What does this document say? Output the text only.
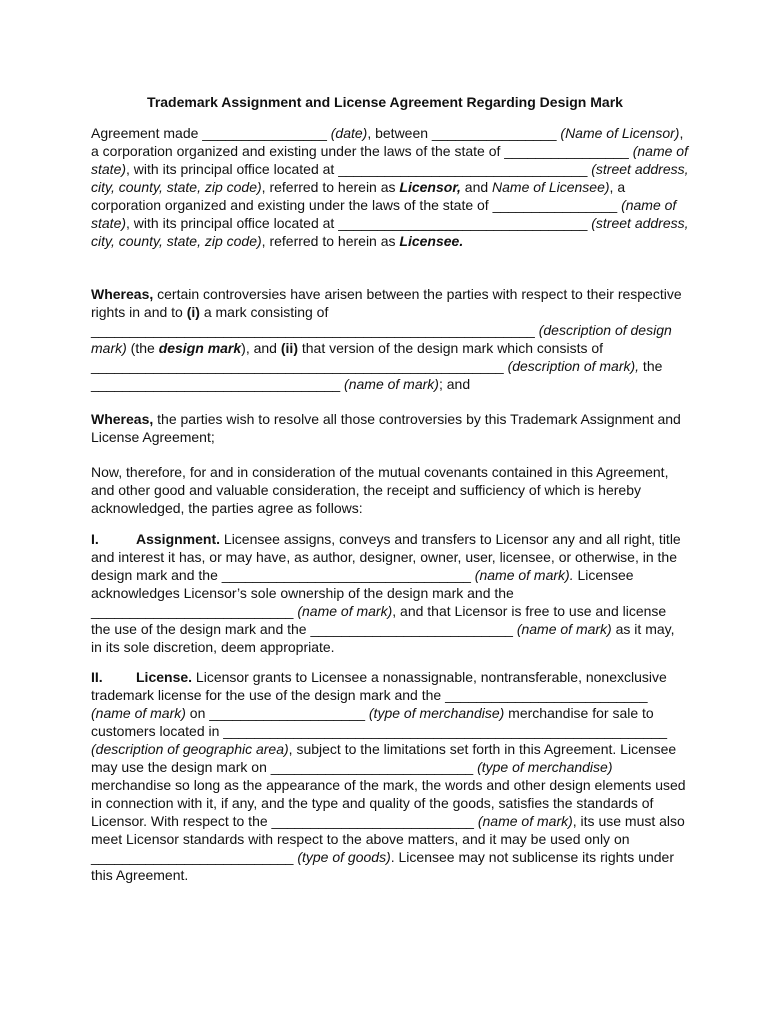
Trademark Assignment and License Agreement Regarding Design Mark

Agreement made ________________ (date), between ________________ (Name of Licensor), a corporation organized and existing under the laws of the state of ________________ (name of state), with its principal office located at ________________________________ (street address, city, county, state, zip code), referred to herein as Licensor, and Name of Licensee), a corporation organized and existing under the laws of the state of ________________ (name of state), with its principal office located at ________________________________ (street address, city, county, state, zip code), referred to herein as Licensee.

Whereas, certain controversies have arisen between the parties with respect to their respective rights in and to (i) a mark consisting of _________________________________________________________ (description of design mark) (the design mark), and (ii) that version of the design mark which consists of _____________________________________________________ (description of mark), the ________________________________ (name of mark); and

Whereas, the parties wish to resolve all those controversies by this Trademark Assignment and License Agreement;

Now, therefore, for and in consideration of the mutual covenants contained in this Agreement, and other good and valuable consideration, the receipt and sufficiency of which is hereby acknowledged, the parties agree as follows:

I.	Assignment. Licensee assigns, conveys and transfers to Licensor any and all right, title and interest it has, or may have, as author, designer, owner, user, licensee, or otherwise, in the design mark and the ________________________________ (name of mark). Licensee acknowledges Licensor’s sole ownership of the design mark and the __________________________ (name of mark), and that Licensor is free to use and license the use of the design mark and the __________________________ (name of mark) as it may, in its sole discretion, deem appropriate.

II. License. Licensor grants to Licensee a nonassignable, nontransferable, nonexclusive trademark license for the use of the design mark and the __________________________ (name of mark) on ____________________ (type of merchandise) merchandise for sale to customers located in _________________________________________________________ (description of geographic area), subject to the limitations set forth in this Agreement. Licensee may use the design mark on __________________________ (type of merchandise) merchandise so long as the appearance of the mark, the words and other design elements used in connection with it, if any, and the type and quality of the goods, satisfies the standards of Licensor. With respect to the __________________________ (name of mark), its use must also meet Licensor standards with respect to the above matters, and it may be used only on __________________________ (type of goods). Licensee may not sublicense its rights under this Agreement.
